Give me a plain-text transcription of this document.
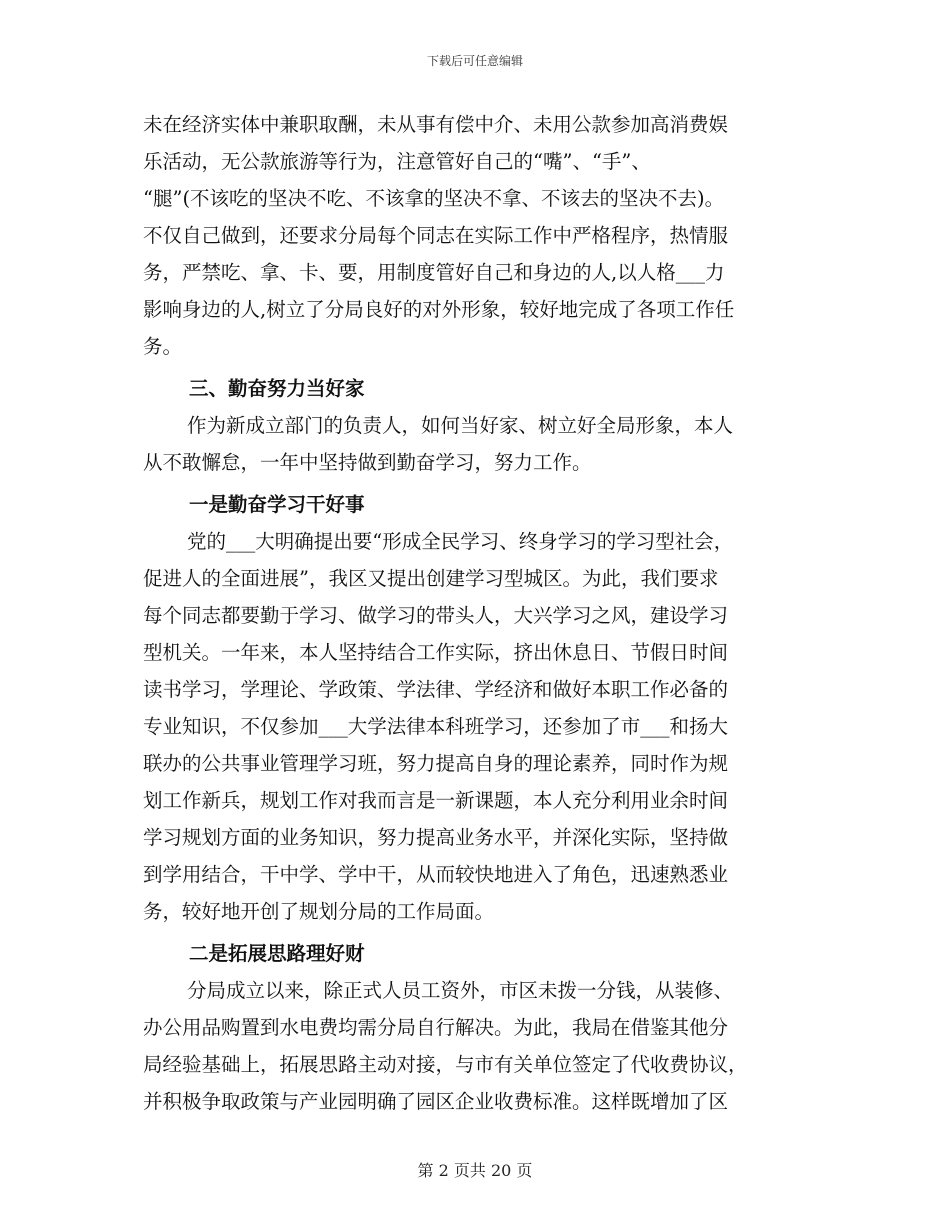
下载后可任意编辑
未在经济实体中兼职取酬，未从事有偿中介、未用公款参加高消费娱
乐活动，无公款旅游等行为，注意管好自己的“嘴”、“手”、
“腿”(不该吃的坚决不吃、不该拿的坚决不拿、不该去的坚决不去)。
不仅自己做到，还要求分局每个同志在实际工作中严格程序，热情服
务，严禁吃、拿、卡、要，用制度管好自己和身边的人,以人格___力
影响身边的人,树立了分局良好的对外形象，较好地完成了各项工作任
务。
三、勤奋努力当好家
作为新成立部门的负责人，如何当好家、树立好全局形象，本人
从不敢懈怠，一年中坚持做到勤奋学习，努力工作。
一是勤奋学习干好事
党的___大明确提出要“形成全民学习、终身学习的学习型社会，
促进人的全面进展”，我区又提出创建学习型城区。为此，我们要求
每个同志都要勤于学习、做学习的带头人，大兴学习之风，建设学习
型机关。一年来，本人坚持结合工作实际，挤出休息日、节假日时间
读书学习，学理论、学政策、学法律、学经济和做好本职工作必备的
专业知识，不仅参加___大学法律本科班学习，还参加了市___和扬大
联办的公共事业管理学习班，努力提高自身的理论素养，同时作为规
划工作新兵，规划工作对我而言是一新课题，本人充分利用业余时间
学习规划方面的业务知识，努力提高业务水平，并深化实际，坚持做
到学用结合，干中学、学中干，从而较快地进入了角色，迅速熟悉业
务，较好地开创了规划分局的工作局面。
二是拓展思路理好财
分局成立以来，除正式人员工资外，市区未拨一分钱，从装修、
办公用品购置到水电费均需分局自行解决。为此，我局在借鉴其他分
局经验基础上，拓展思路主动对接，与市有关单位签定了代收费协议，
并积极争取政策与产业园明确了园区企业收费标准。这样既增加了区
第 2 页共 20 页
